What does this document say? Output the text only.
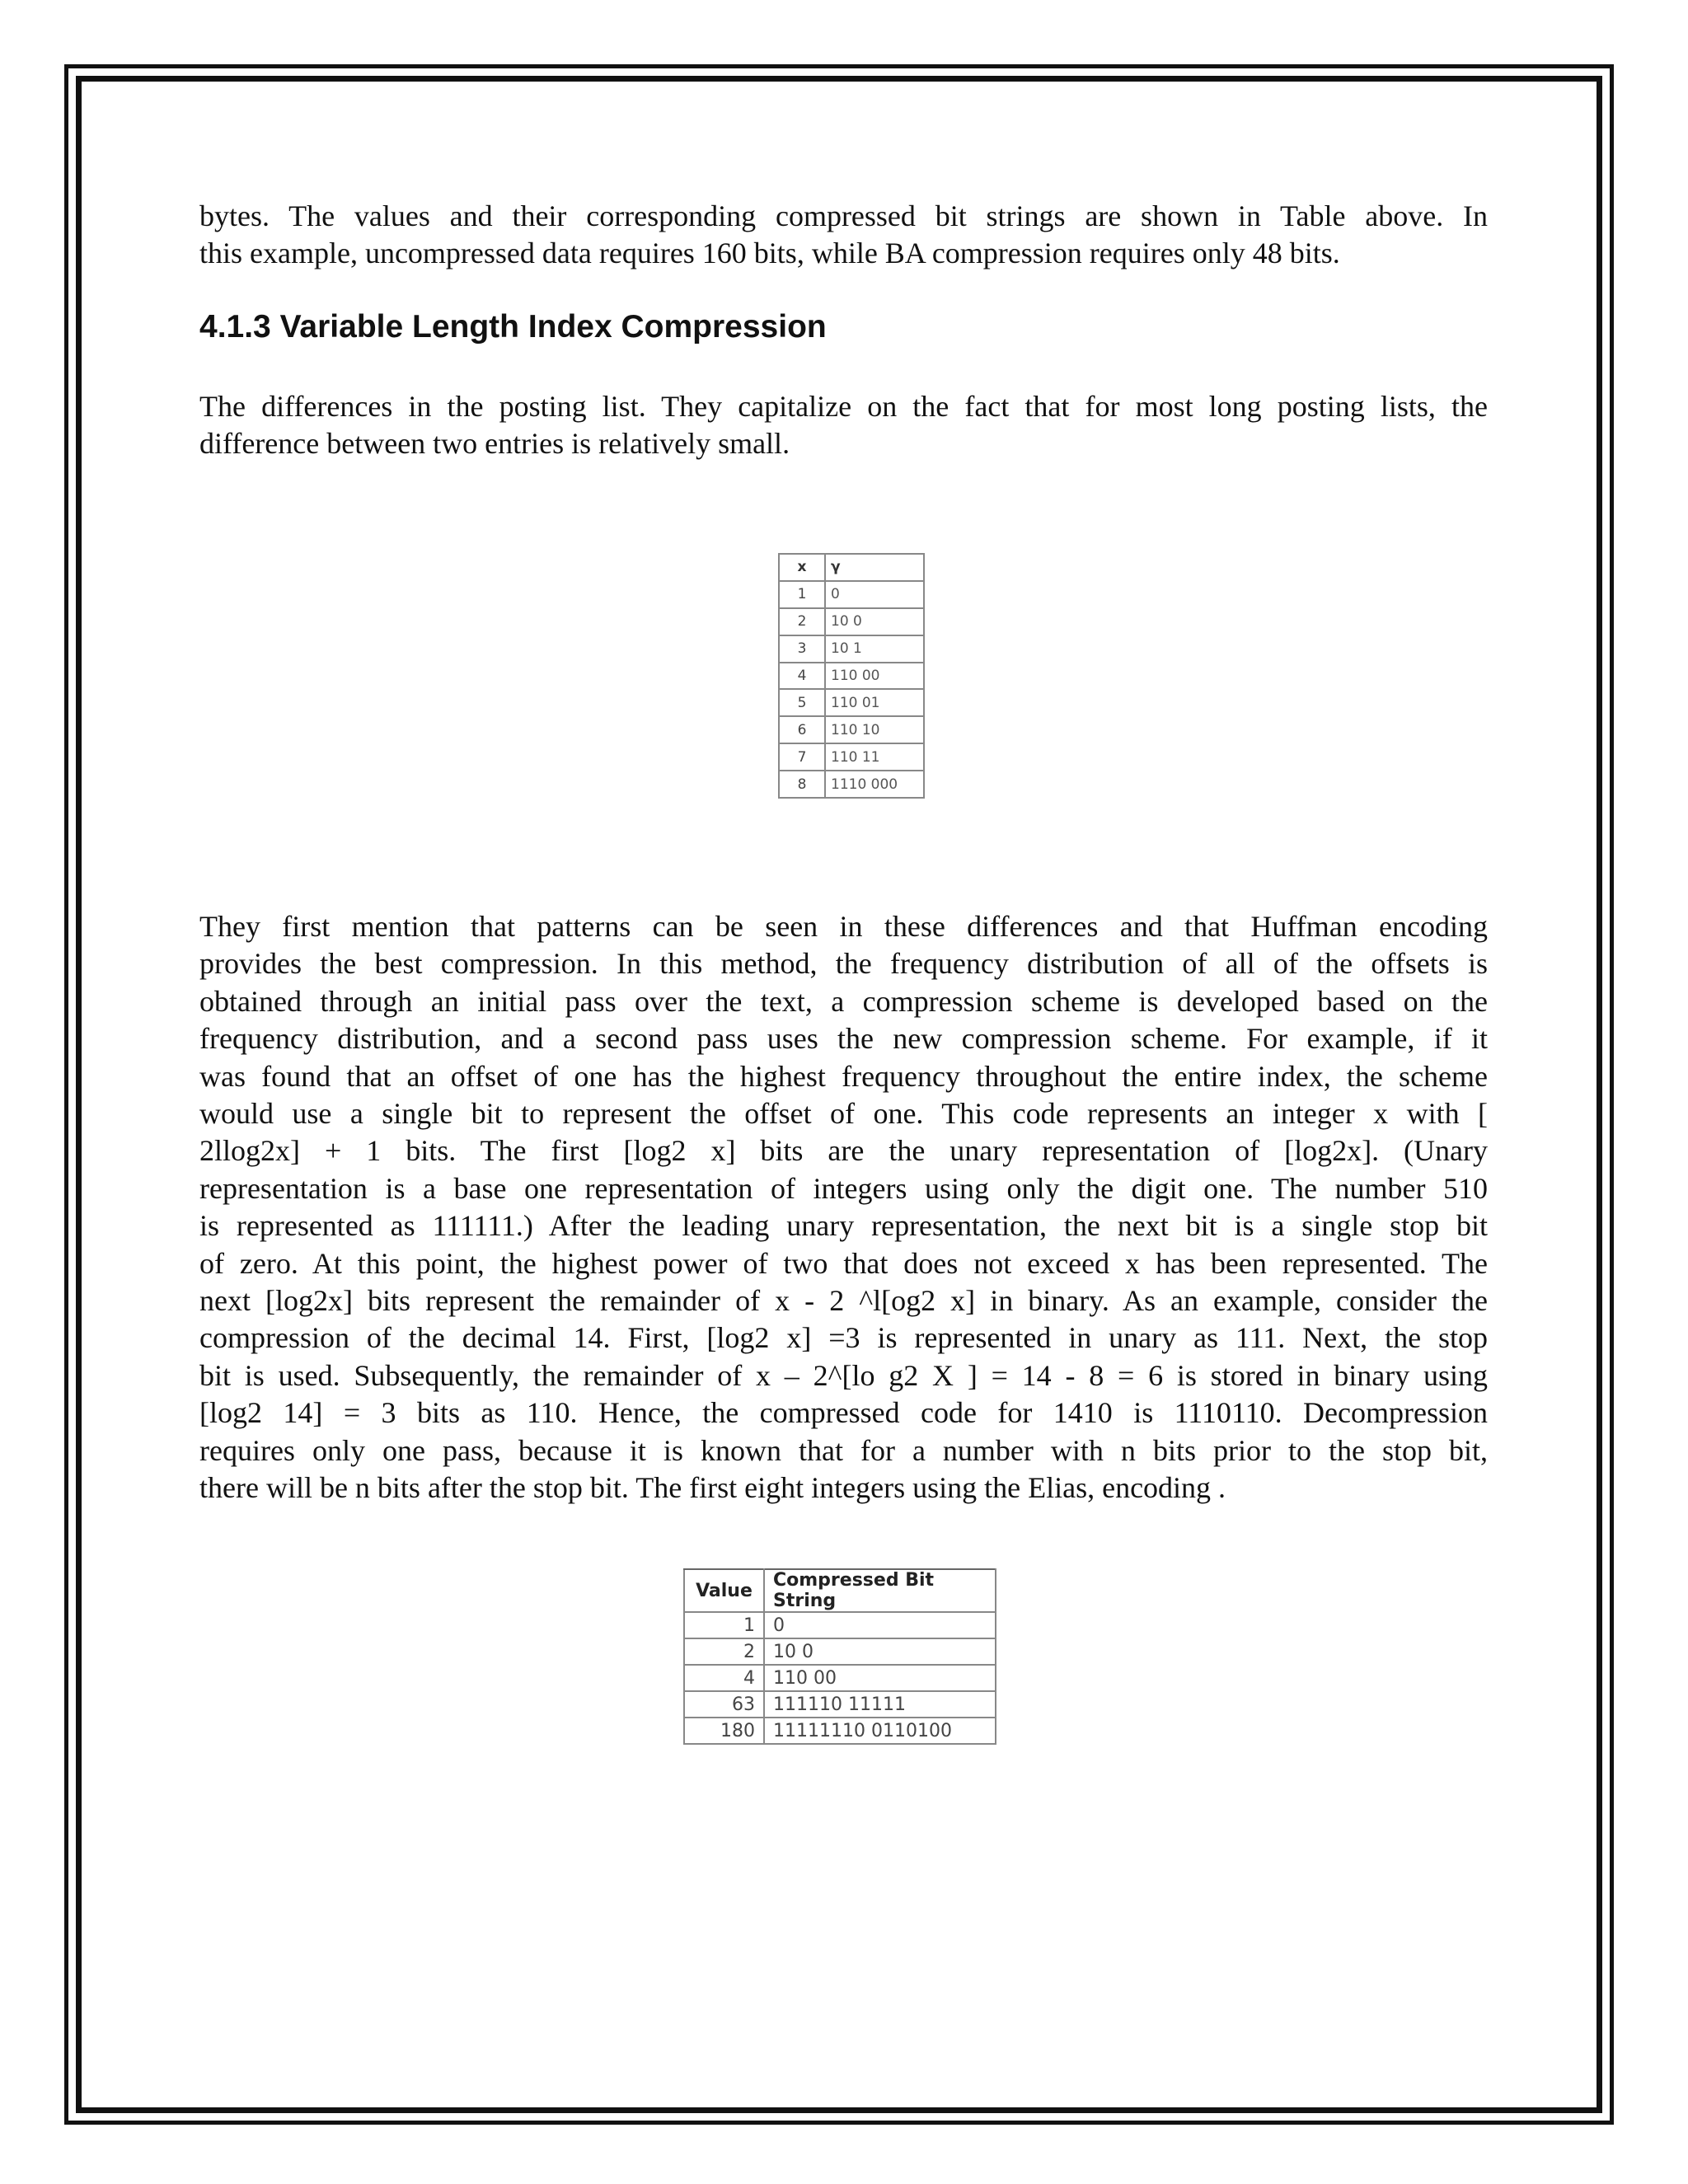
bytes. The values and their corresponding compressed bit strings are shown in Table above. In
this example, uncompressed data requires 160 bits, while BA compression requires only 48 bits.
4.1.3 Variable Length Index Compression
The differences in the posting list. They capitalize on the fact that for most long posting lists, the
difference between two entries is relatively small.
x	γ
1	0
2	10 0
3	10 1
4	110 00
5	110 01
6	110 10
7	110 11
8	1110 000
They first mention that patterns can be seen in these differences and that Huffman encoding
provides the best compression. In this method, the frequency distribution of all of the offsets is
obtained through an initial pass over the text, a compression scheme is developed based on the
frequency distribution, and a second pass uses the new compression scheme. For example, if it
was found that an offset of one has the highest frequency throughout the entire index, the scheme
would use a single bit to represent the offset of one. This code represents an integer x with [
2llog2x] + 1 bits. The first [log2 x] bits are the unary representation of [log2x]. (Unary
representation is a base one representation of integers using only the digit one. The number 510
is represented as 111111.) After the leading unary representation, the next bit is a single stop bit
of zero. At this point, the highest power of two that does not exceed x has been represented. The
next [log2x] bits represent the remainder of x - 2 ^l[og2 x] in binary. As an example, consider the
compression of the decimal 14. First, [log2 x] =3 is represented in unary as 111. Next, the stop
bit is used. Subsequently, the remainder of x – 2^[lo g2 X ] = 14 - 8 = 6 is stored in binary using
[log2 14] = 3 bits as 110. Hence, the compressed code for 1410 is 1110110. Decompression
requires only one pass, because it is known that for a number with n bits prior to the stop bit,
there will be n bits after the stop bit. The first eight integers using the Elias, encoding .
Value	Compressed Bit String
1	0
2	10 0
4	110 00
63	111110 11111
180	11111110 0110100
